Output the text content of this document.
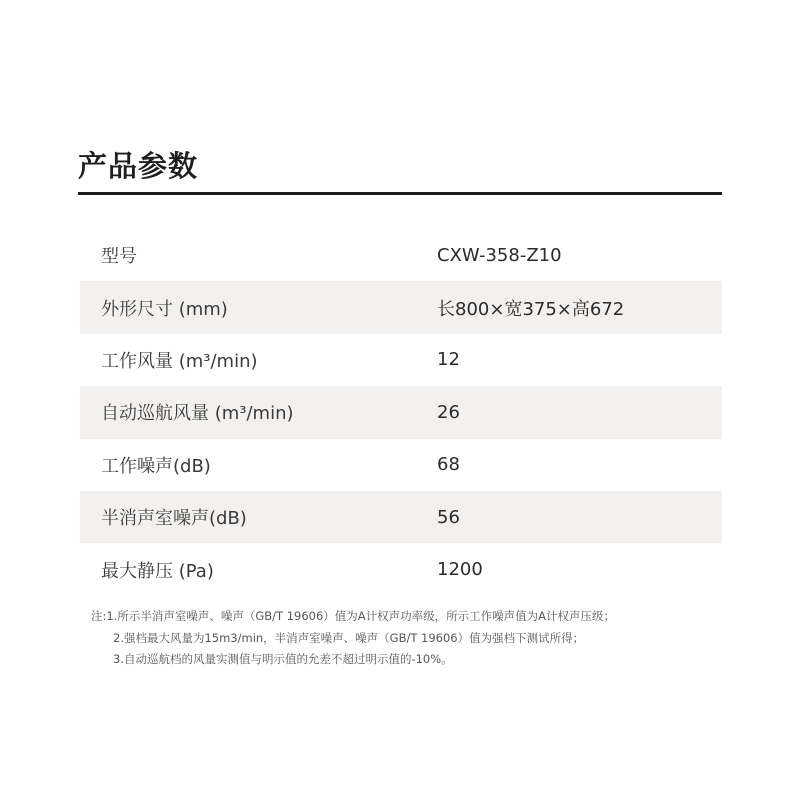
产品参数
型号	CXW-358-Z10
外形尺寸 (mm)	长800×宽375×高672
工作风量 (m³/min)	12
自动巡航风量 (m³/min)	26
工作噪声(dB)	68
半消声室噪声(dB)	56
最大静压 (Pa)	1200
注:1.所示半消声室噪声、噪声（GB/T 19606）值为A计权声功率级，所示工作噪声值为A计权声压级；
2.强档最大风量为15m3/min，半消声室噪声、噪声（GB/T 19606）值为强档下测试所得；
3.自动巡航档的风量实测值与明示值的允差不超过明示值的-10%。
